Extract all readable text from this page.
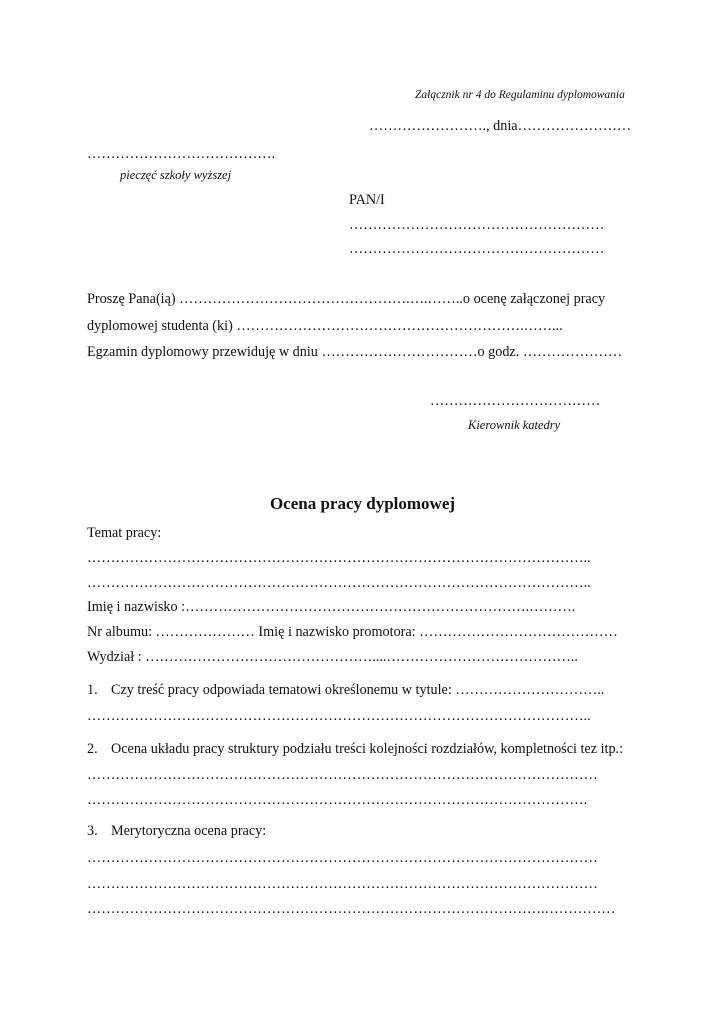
Załącznik nr 4 do Regulaminu dyplomowania
……………………., dnia……………………
………………………………….
pieczęć szkoły wyższej
PAN/I
………………………………………………
………………………………………………
Proszę Pana(ią) ………………………………………….….……..o ocenę załączonej pracy
dyplomowej studenta (ki) …………………………………………………….……...
Egzamin dyplomowy przewiduję w dniu ……………………………o godz. …………………
………………………………
Kierownik katedry
Ocena pracy dyplomowej
Temat pracy:
……………………………………………………………………………………………..
……………………………………………………………………………………………..
Imię i nazwisko :……………………………………………………………….……….
Nr albumu: ………………… Imię i nazwisko promotora: ……………………………………
Wydział : …………………………………………....…………………………………..
1. Czy treść pracy odpowiada tematowi określonemu w tytule: …………………………..
……………………………………………………………………………………………..
2. Ocena układu pracy struktury podziału treści kolejności rozdziałów, kompletności tez itp.:
………………………………………………………………………………………………
…………………………………………………………………………………………….
3. Merytoryczna ocena pracy:
………………………………………………………………………………………………
………………………………………………………………………………………………
…………………………………………………………………………………….……………
